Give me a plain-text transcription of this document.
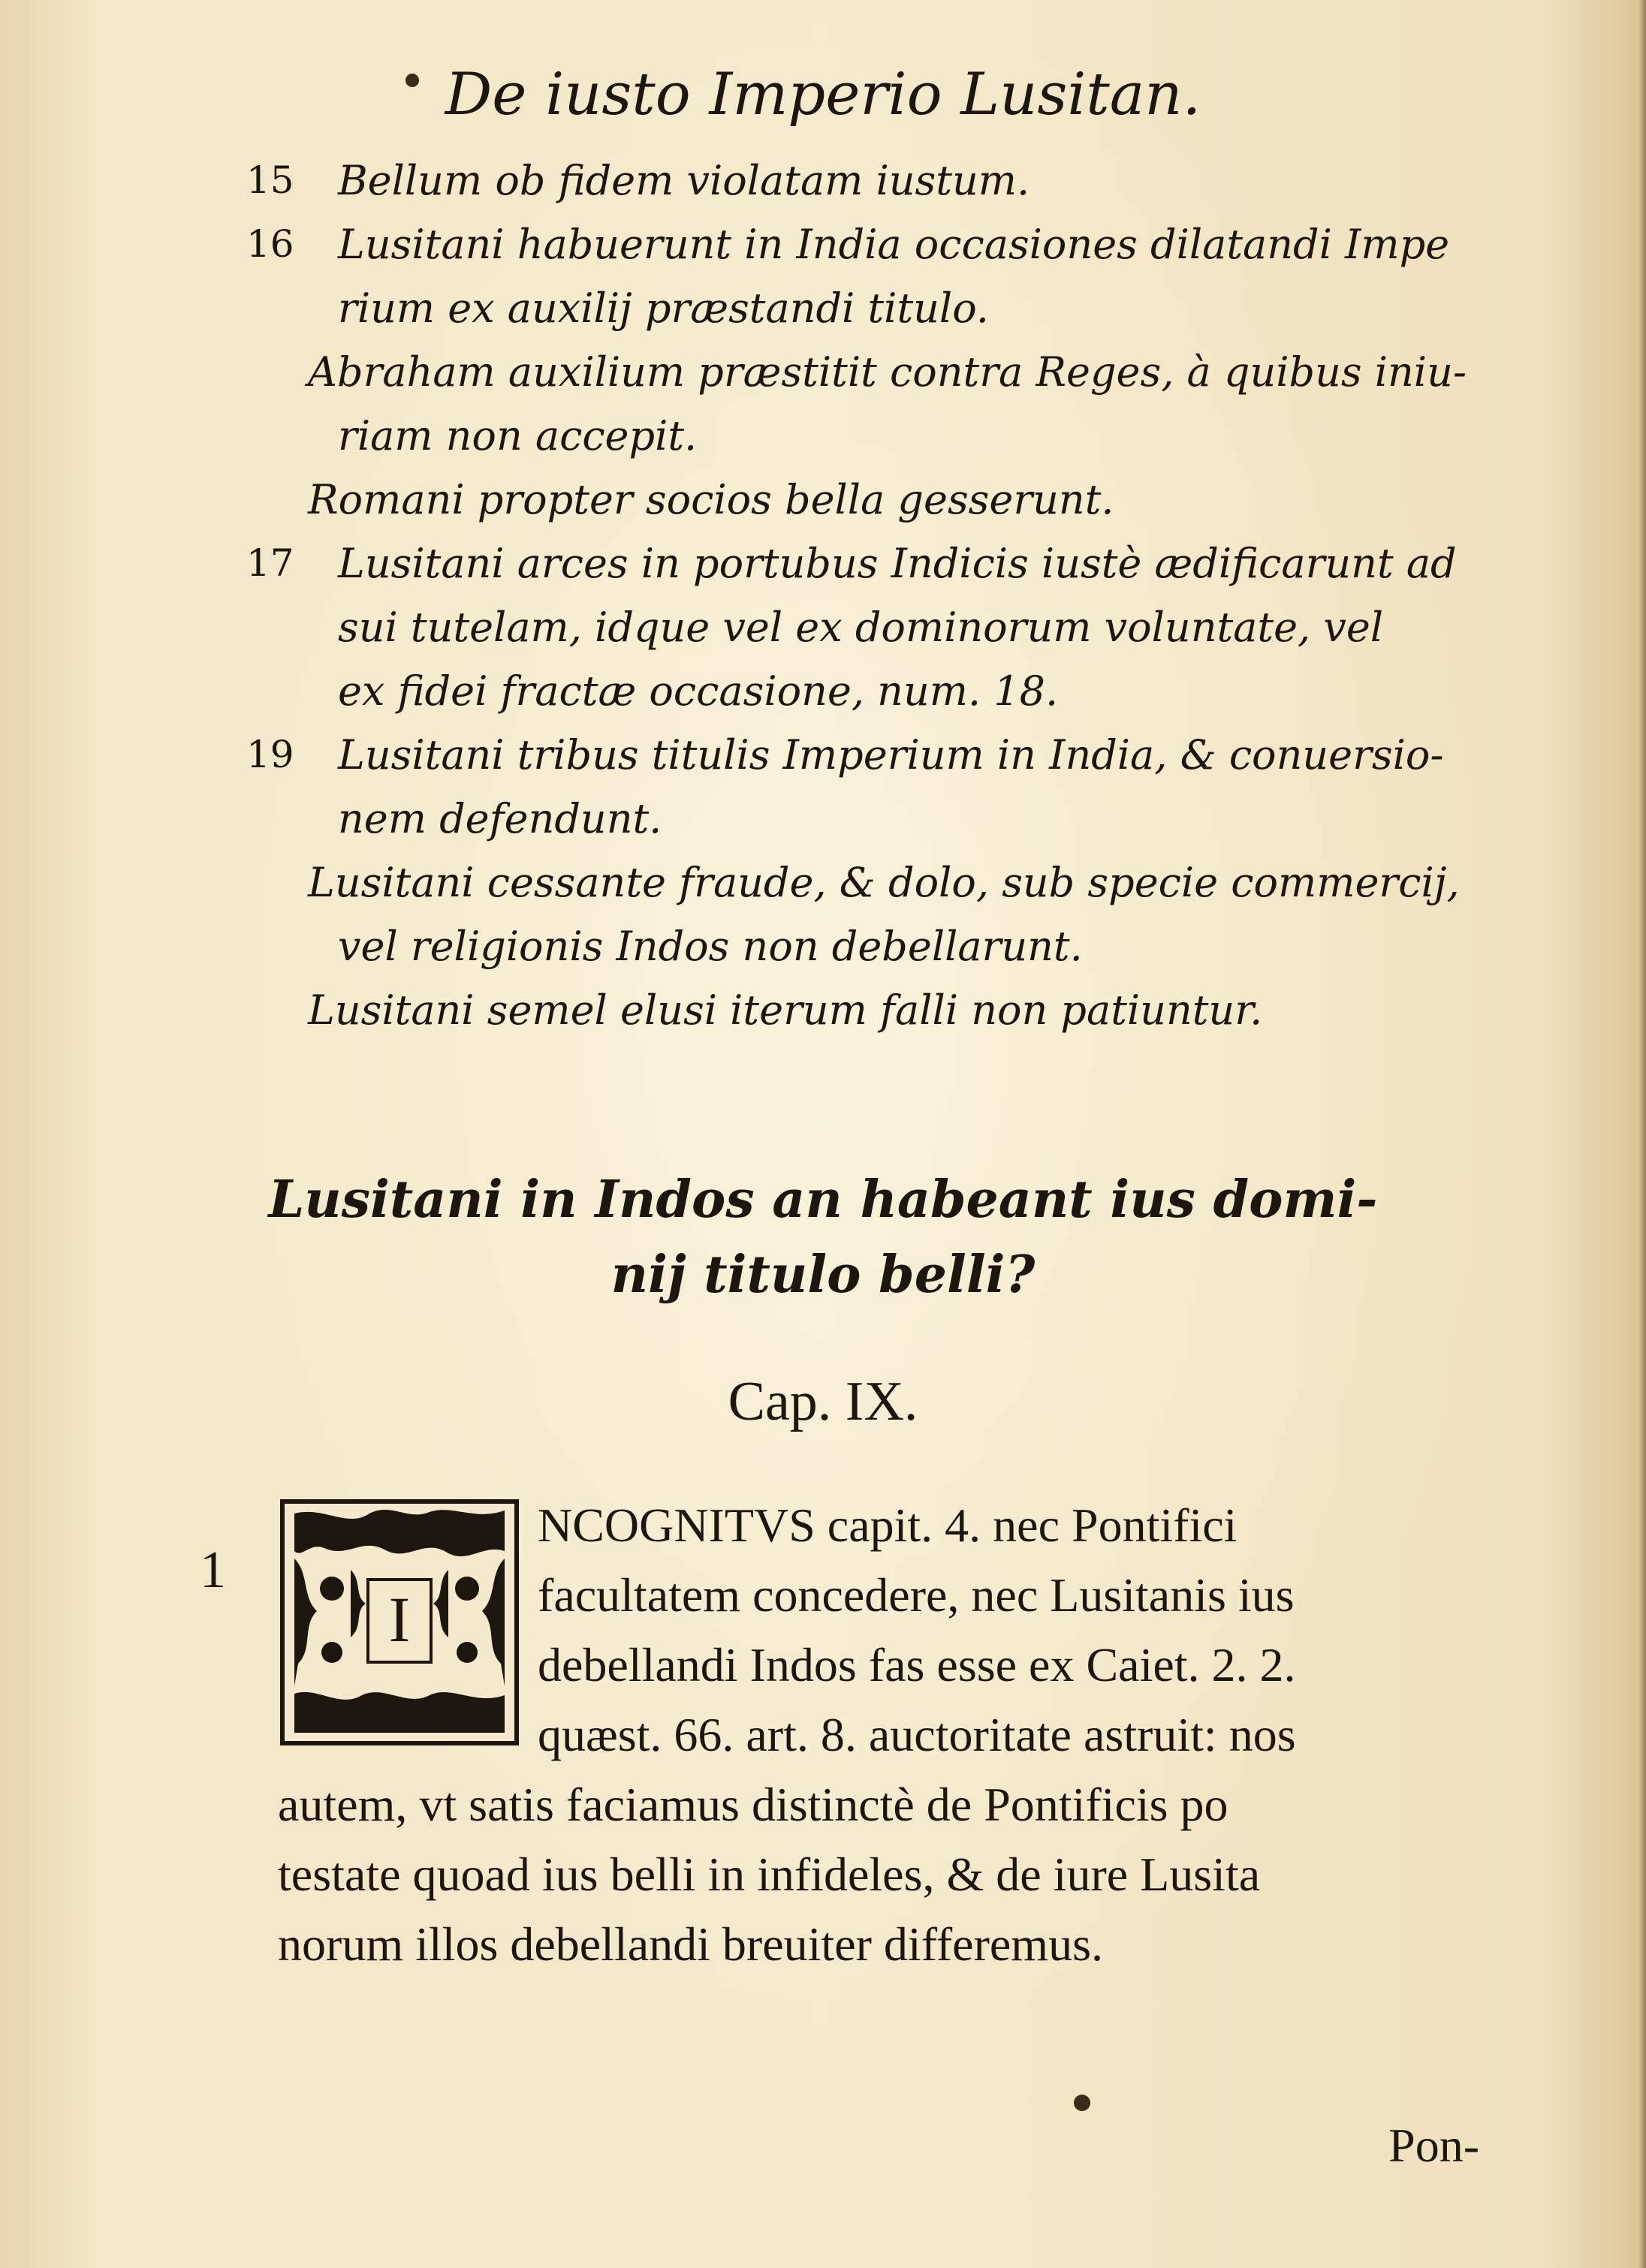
De iusto Imperio Lusitan.
15	Bellum ob fidem violatam iustum.
16	Lusitani habuerunt in India occasiones dilatandi Impe
rium ex auxilij præstandi titulo.
Abraham auxilium præstitit contra Reges, à quibus iniu-
riam non accepit.
Romani propter socios bella gesserunt.
17	Lusitani arces in portubus Indicis iustè ædificarunt ad
sui tutelam, idque vel ex dominorum voluntate, vel
ex fidei fractæ occasione, num. 18.
19	Lusitani tribus titulis Imperium in India, & conuersio-
nem defendunt.
Lusitani cessante fraude, & dolo, sub specie commercij,
vel religionis Indos non debellarunt.
Lusitani semel elusi iterum falli non patiuntur.
Lusitani in Indos an habeant ius domi-
nij titulo belli?
Cap. IX.
1
I
NCOGNITVS capit. 4. nec Pontifici
facultatem concedere, nec Lusitanis ius
debellandi Indos fas esse ex Caiet. 2. 2.
quæst. 66. art. 8. auctoritate astruit: nos
autem, vt satis faciamus distinctè de Pontificis po
testate quoad ius belli in infideles, & de iure Lusita
norum illos debellandi breuiter differemus.
Pon-
